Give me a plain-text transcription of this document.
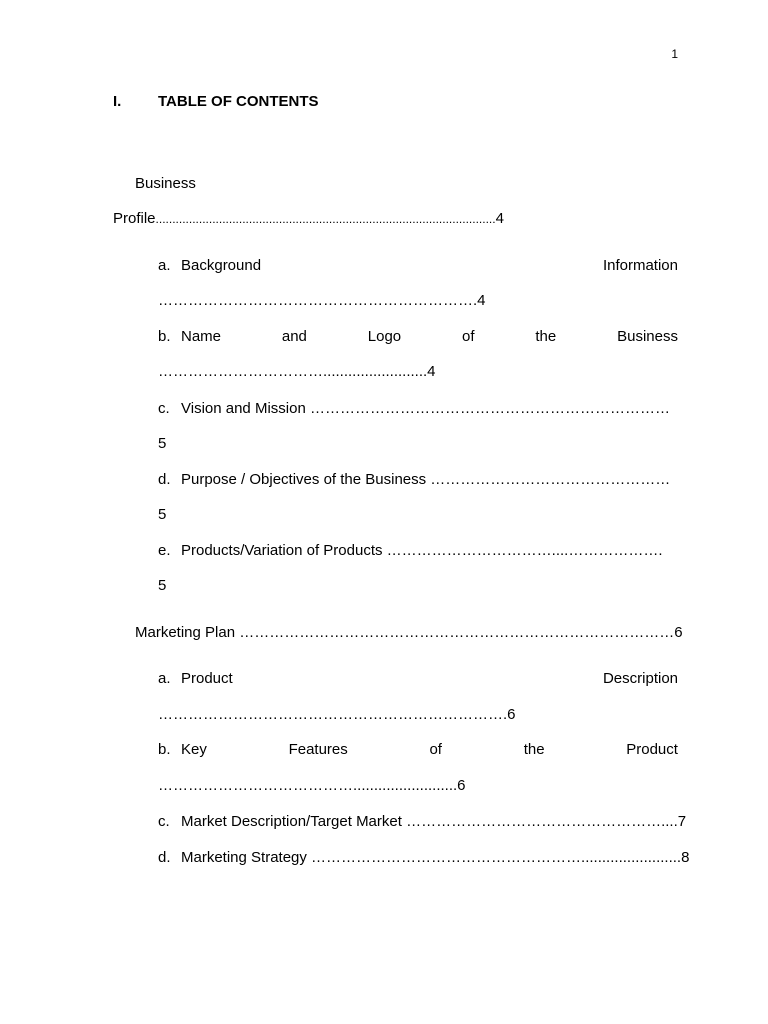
1
I. TABLE OF CONTENTS
Business
Profile......................................................................................................4
a. Background	Information
……………………………………………………….4
b. Name	and	Logo	of	the	Business
…………………………….........................4
c. Vision and Mission ………………………………………………………………
5
d. Purpose / Objectives of the Business …………………………………………
5
e. Products/Variation of Products ……………………………....……………….
5
Marketing Plan ……………………………………………………………………………6
a. Product	Description
…………………………………………………………….6
b. Key	Features	of	the	Product
………………………………….........................6
c. Market Description/Target Market ……………………………………………....7
d. Marketing Strategy ………………………………………………........................8
